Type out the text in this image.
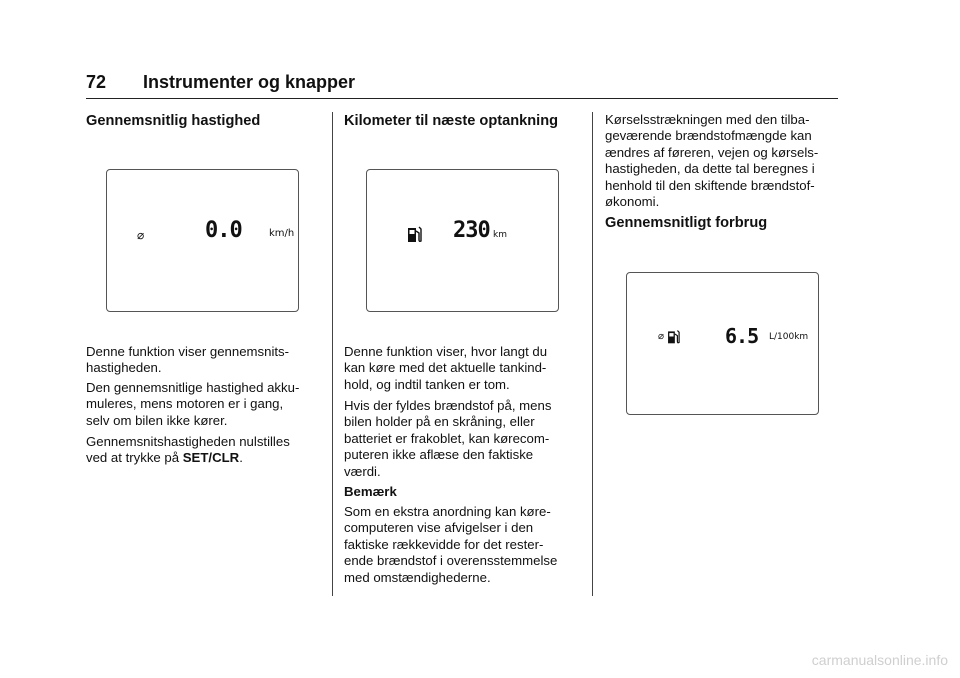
72 Instrumenter og knapper
Gennemsnitlig hastighed
⌀	0.0	km/h

Denne funktion viser gennemsnits-
hastigheden.

Den gennemsnitlige hastighed akku-
muleres, mens motoren er i gang,
selv om bilen ikke kører.

Gennemsnitshastigheden nulstilles
ved at trykke på SET/CLR.

Kilometer til næste optankning
230 km

Denne funktion viser, hvor langt du
kan køre med det aktuelle tankind-
hold, og indtil tanken er tom.

Hvis der fyldes brændstof på, mens
bilen holder på en skråning, eller
batteriet er frakoblet, kan kørecom-
puteren ikke aflæse den faktiske
værdi.

Bemærk

Som en ekstra anordning kan køre-
computeren vise afvigelser i den
faktiske rækkevidde for det rester-
ende brændstof i overensstemmelse
med omstændighederne.

Kørselsstrækningen med den tilba-
geværende brændstofmængde kan
ændres af føreren, vejen og kørsels-
hastigheden, da dette tal beregnes i
henhold til den skiftende brændstof-
økonomi.

Gennemsnitligt forbrug
⌀	6.5 L/100km
carmanualsonline.info
